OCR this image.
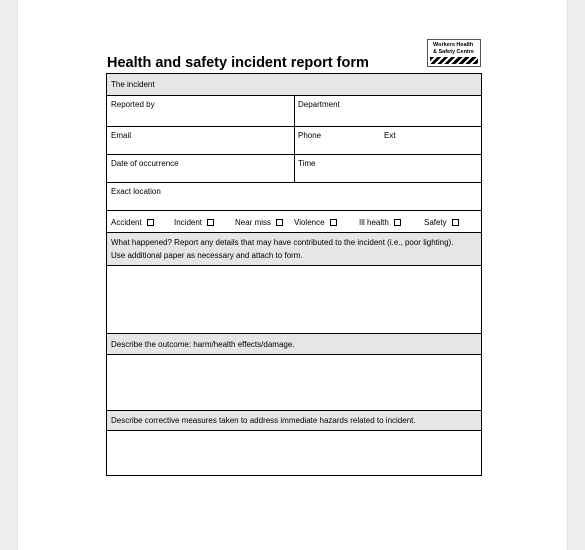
Health and safety incident report form
Workers Health
& Safety Centre
The incident
Reported by	Department
Email	Phone	Ext
Date of occurrence	Time
Exact location
Accident	Incident	Near miss	Violence	Ill health	Safety
What happened? Report any details that may have contributed to the incident (i.e., poor lighting).
Use additional paper as necessary and attach to form.
Describe the outcome: harm/health effects/damage.
Describe corrective measures taken to address immediate hazards related to incident.
